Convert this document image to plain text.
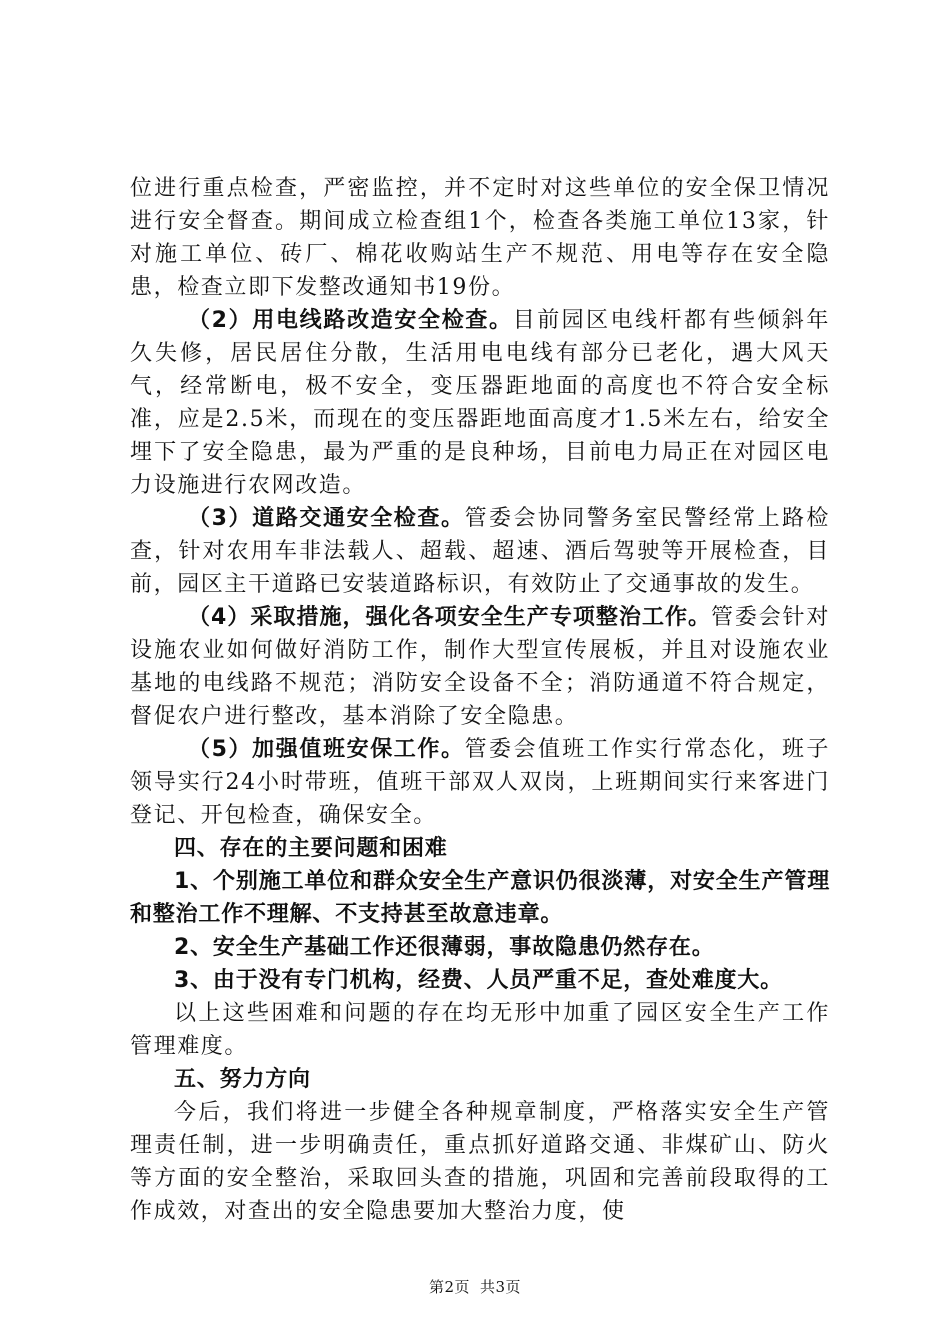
位进行重点检查，严密监控，并不定时对这些单位的安全保卫情况进行安全督查。期间成立检查组1个，检查各类施工单位13家，针对施工单位、砖厂、棉花收购站生产不规范、用电等存在安全隐患，检查立即下发整改通知书19份。

（2）用电线路改造安全检查。目前园区电线杆都有些倾斜年久失修，居民居住分散，生活用电电线有部分已老化，遇大风天气，经常断电，极不安全，变压器距地面的高度也不符合安全标准，应是2.5米，而现在的变压器距地面高度才1.5米左右，给安全埋下了安全隐患，最为严重的是良种场，目前电力局正在对园区电力设施进行农网改造。

（3）道路交通安全检查。管委会协同警务室民警经常上路检查，针对农用车非法载人、超载、超速、酒后驾驶等开展检查，目前，园区主干道路已安装道路标识，有效防止了交通事故的发生。

（4）采取措施，强化各项安全生产专项整治工作。管委会针对设施农业如何做好消防工作，制作大型宣传展板，并且对设施农业基地的电线路不规范；消防安全设备不全；消防通道不符合规定，督促农户进行整改，基本消除了安全隐患。

（5）加强值班安保工作。管委会值班工作实行常态化，班子领导实行24小时带班，值班干部双人双岗，上班期间实行来客进门登记、开包检查，确保安全。

四、存在的主要问题和困难

1、个别施工单位和群众安全生产意识仍很淡薄，对安全生产管理和整治工作不理解、不支持甚至故意违章。

2、安全生产基础工作还很薄弱，事故隐患仍然存在。

3、由于没有专门机构，经费、人员严重不足，查处难度大。

以上这些困难和问题的存在均无形中加重了园区安全生产工作管理难度。

五、努力方向

今后，我们将进一步健全各种规章制度，严格落实安全生产管理责任制，进一步明确责任，重点抓好道路交通、非煤矿山、防火等方面的安全整治，采取回头查的措施，巩固和完善前段取得的工作成效，对查出的安全隐患要加大整治力度，使

第2页 共3页
